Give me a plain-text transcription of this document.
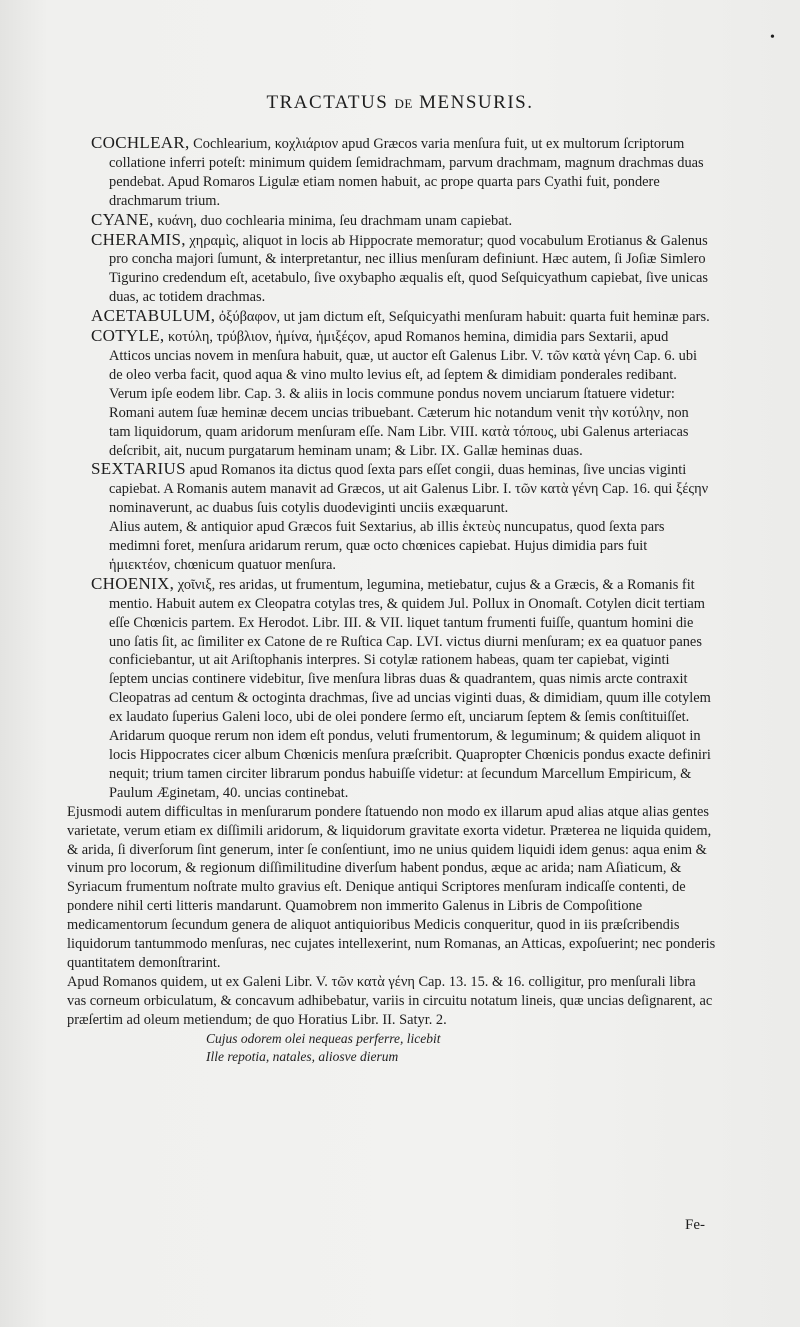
•
TRACTATUS DE MENSURIS.

COCHLEAR, Cochlearium, κοχλιάριον apud Græcos varia menſura fuit, ut ex multorum ſcriptorum collatione inferri poteſt: minimum quidem ſemidrachmam, parvum drachmam, magnum drachmas duas pendebat. Apud Romaros Ligulæ etiam nomen habuit, ac prope quarta pars Cyathi fuit, pondere drachmarum trium.

CYANE, κυάνη, duo cochlearia minima, ſeu drachmam unam capiebat.

CHERAMIS, χηραμὶς, aliquot in locis ab Hippocrate memoratur; quod vocabulum Erotianus & Galenus pro concha majori ſumunt, & interpretantur, nec illius menſuram definiunt. Hæc autem, ſi Joſiæ Simlero Tigurino credendum eſt, acetabulo, ſive oxybapho æqualis eſt, quod Seſquicyathum capiebat, ſive unicas duas, ac totidem drachmas.

ACETABULUM, ὀξύβαφον, ut jam dictum eſt, Seſquicyathi menſuram habuit: quarta fuit heminæ pars.

COTYLE, κοτύλη, τρύβλιον, ἡμίνα, ἡμιξέςον, apud Romanos hemina, dimidia pars Sextarii, apud Atticos uncias novem in menſura habuit, quæ, ut auctor eſt Galenus Libr. V. τῶν κατὰ γένη Cap. 6. ubi de oleo verba facit, quod aqua & vino multo levius eſt, ad ſeptem & dimidiam ponderales redibant. Verum ipſe eodem libr. Cap. 3. & aliis in locis commune pondus novem unciarum ſtatuere videtur: Romani autem ſuæ heminæ decem uncias tribuebant. Cæterum hic notandum venit τὴν κοτύλην, non tam liquidorum, quam aridorum menſuram eſſe. Nam Libr. VIII. κατὰ τόπους, ubi Galenus arteriacas deſcribit, ait, nucum purgatarum heminam unam; & Libr. IX. Gallæ heminas duas.

SEXTARIUS apud Romanos ita dictus quod ſexta pars eſſet congii, duas heminas, ſive uncias viginti capiebat. A Romanis autem manavit ad Græcos, ut ait Galenus Libr. I. τῶν κατὰ γένη Cap. 16. qui ξέςην nominaverunt, ac duabus ſuis cotylis duodeviginti unciis exæquarunt.

Alius autem, & antiquior apud Græcos fuit Sextarius, ab illis ἑκτεὺς nuncupatus, quod ſexta pars medimni foret, menſura aridarum rerum, quæ octo chœnices capiebat. Hujus dimidia pars fuit ἡμιεκτέον, chœnicum quatuor menſura.

CHOENIX, χοῖνιξ, res aridas, ut frumentum, legumina, metiebatur, cujus & a Græcis, & a Romanis fit mentio. Habuit autem ex Cleopatra cotylas tres, & quidem Jul. Pollux in Onomaſt. Cotylen dicit tertiam eſſe Chœnicis partem. Ex Herodot. Libr. III. & VII. liquet tantum frumenti fuiſſe, quantum homini die uno ſatis ſit, ac ſimiliter ex Catone de re Ruſtica Cap. LVI. victus diurni menſuram; ex ea quatuor panes conficiebantur, ut ait Ariſtophanis interpres. Si cotylæ rationem habeas, quam ter capiebat, viginti ſeptem uncias continere videbitur, ſive menſura libras duas & quadrantem, quas nimis arcte contraxit Cleopatras ad centum & octoginta drachmas, ſive ad uncias viginti duas, & dimidiam, quum ille cotylem ex laudato ſuperius Galeni loco, ubi de olei pondere ſermo eſt, unciarum ſeptem & ſemis conſtituiſſet. Aridarum quoque rerum non idem eſt pondus, veluti frumentorum, & leguminum; & quidem aliquot in locis Hippocrates cicer album Chœnicis menſura præſcribit. Quapropter Chœnicis pondus exacte definiri nequit; trium tamen circiter librarum pondus habuiſſe videtur: at ſecundum Marcellum Empiricum, & Paulum Æginetam, 40. uncias continebat.

Ejusmodi autem difficultas in menſurarum pondere ſtatuendo non modo ex illarum apud alias atque alias gentes varietate, verum etiam ex diſſimili aridorum, & liquidorum gravitate exorta videtur. Præterea ne liquida quidem, & arida, ſi diverſorum ſint generum, inter ſe conſentiunt, imo ne unius quidem liquidi idem genus: aqua enim & vinum pro locorum, & regionum diſſimilitudine diverſum habent pondus, æque ac arida; nam Aſiaticum, & Syriacum frumentum noſtrate multo gravius eſt. Denique antiqui Scriptores menſuram indicaſſe contenti, de pondere nihil certi litteris mandarunt. Quamobrem non immerito Galenus in Libris de Compoſitione medicamentorum ſecundum genera de aliquot antiquioribus Medicis conqueritur, quod in iis præſcribendis liquidorum tantummodo menſuras, nec cujates intellexerint, num Romanas, an Atticas, expoſuerint; nec ponderis quantitatem demonſtrarint.

Apud Romanos quidem, ut ex Galeni Libr. V. τῶν κατὰ γένη Cap. 13. 15. & 16. colligitur, pro menſurali libra vas corneum orbiculatum, & concavum adhibebatur, variis in circuitu notatum lineis, quæ uncias deſignarent, ac præſertim ad oleum metiendum; de quo Horatius Libr. II. Satyr. 2.

Cujus odorem olei nequeas perferre, licebit

Ille repotia, natales, aliosve dierum

Fe-
